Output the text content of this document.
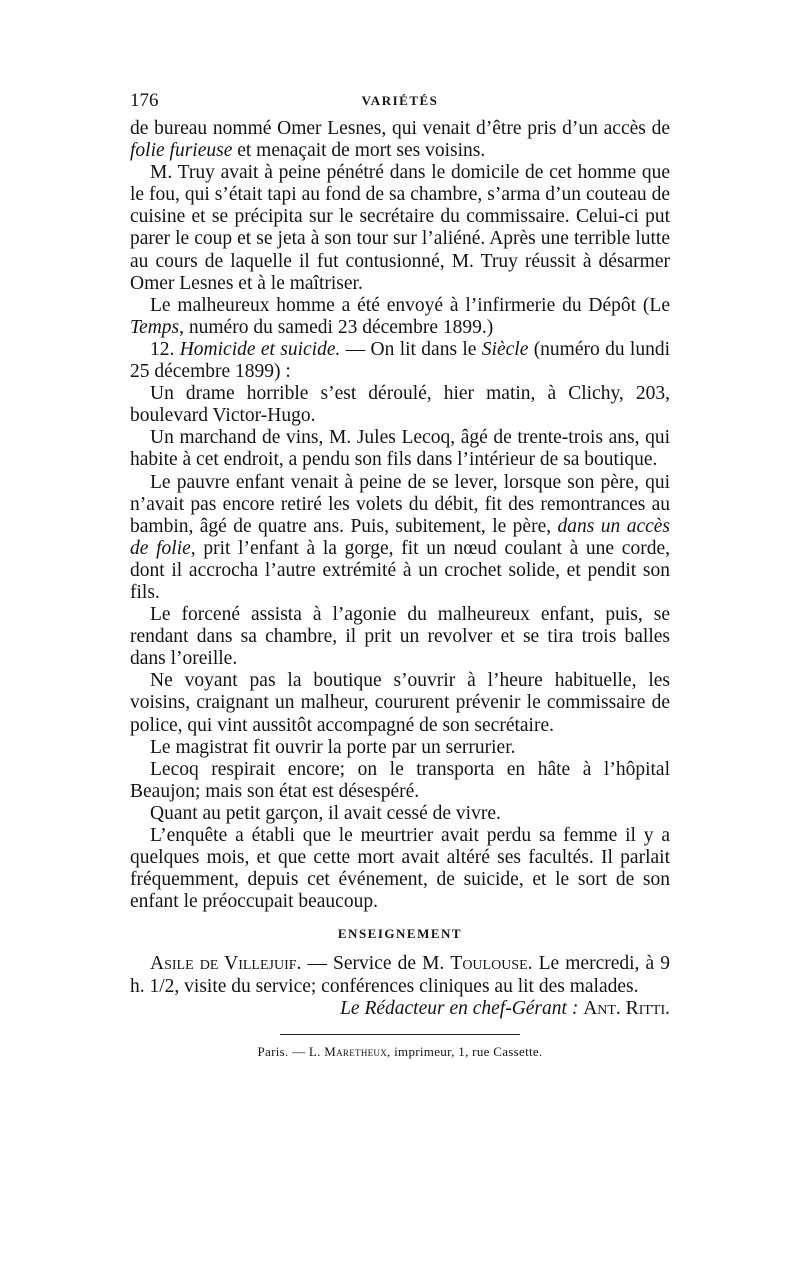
176	VARIÉTÉS

de bureau nommé Omer Lesnes, qui venait d’être pris d’un accès de folie furieuse et menaçait de mort ses voisins.

M. Truy avait à peine pénétré dans le domicile de cet homme que le fou, qui s’était tapi au fond de sa chambre, s’arma d’un couteau de cuisine et se précipita sur le secrétaire du commissaire. Celui-ci put parer le coup et se jeta à son tour sur l’aliéné. Après une terrible lutte au cours de laquelle il fut contusionné, M. Truy réussit à désarmer Omer Lesnes et à le maîtriser.

Le malheureux homme a été envoyé à l’infirmerie du Dépôt (Le Temps, numéro du samedi 23 décembre 1899.)

12. Homicide et suicide. — On lit dans le Siècle (numéro du lundi 25 décembre 1899) :

Un drame horrible s’est déroulé, hier matin, à Clichy, 203, boulevard Victor-Hugo.

Un marchand de vins, M. Jules Lecoq, âgé de trente-trois ans, qui habite à cet endroit, a pendu son fils dans l’intérieur de sa boutique.

Le pauvre enfant venait à peine de se lever, lorsque son père, qui n’avait pas encore retiré les volets du débit, fit des remontrances au bambin, âgé de quatre ans. Puis, subitement, le père, dans un accès de folie, prit l’enfant à la gorge, fit un nœud coulant à une corde, dont il accrocha l’autre extrémité à un crochet solide, et pendit son fils.

Le forcené assista à l’agonie du malheureux enfant, puis, se rendant dans sa chambre, il prit un revolver et se tira trois balles dans l’oreille.

Ne voyant pas la boutique s’ouvrir à l’heure habituelle, les voisins, craignant un malheur, coururent prévenir le commissaire de police, qui vint aussitôt accompagné de son secrétaire.

Le magistrat fit ouvrir la porte par un serrurier.

Lecoq respirait encore; on le transporta en hâte à l’hôpital Beaujon; mais son état est désespéré.

Quant au petit garçon, il avait cessé de vivre.

L’enquête a établi que le meurtrier avait perdu sa femme il y a quelques mois, et que cette mort avait altéré ses facultés. Il parlait fréquemment, depuis cet événement, de suicide, et le sort de son enfant le préoccupait beaucoup.

ENSEIGNEMENT

Asile de Villejuif. — Service de M. Toulouse. Le mercredi, à 9 h. 1/2, visite du service; conférences cliniques au lit des malades.

Le Rédacteur en chef-Gérant : Ant. Ritti.

Paris. — L. Maretheux, imprimeur, 1, rue Cassette.
